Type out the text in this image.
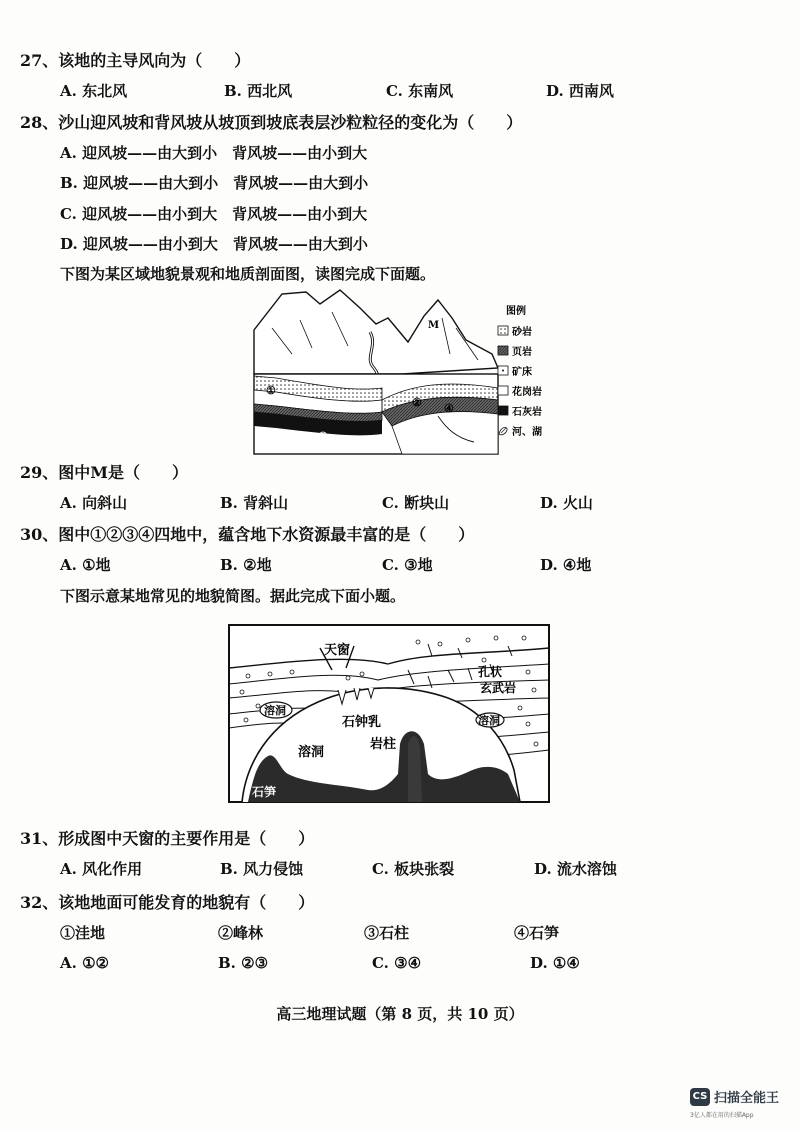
27、该地的主导风向为（　　）
A. 东北风	B. 西北风	C. 东南风	D. 西南风
28、沙山迎风坡和背风坡从坡顶到坡底表层沙粒粒径的变化为（　　）
A. 迎风坡——由大到小　背风坡——由小到大
B. 迎风坡——由大到小　背风坡——由大到小
C. 迎风坡——由小到大　背风坡——由小到大
D. 迎风坡——由小到大　背风坡——由大到小
下图为某区域地貌景观和地质剖面图，读图完成下面题。
①
②
③
④
M
图例
砂岩
页岩
矿床
花岗岩
石灰岩
河、湖
29、图中M是（　　）
A. 向斜山	B. 背斜山	C. 断块山	D. 火山
30、图中①②③④四地中，蕴含地下水资源最丰富的是（　　）
A. ①地	B. ②地	C. ③地	D. ④地
下图示意某地常见的地貌简图。据此完成下面小题。
天窗
孔状
玄武岩
溶洞
石钟乳
溶洞
岩柱
溶洞
石笋
31、形成图中天窗的主要作用是（　　）
A. 风化作用	B. 风力侵蚀	C. 板块张裂	D. 流水溶蚀
32、该地地面可能发育的地貌有（　　）
①洼地	②峰林	③石柱	④石笋
A. ①②	B. ②③	C. ③④	D. ①④
高三地理试题（第 8 页，共 10 页）
CS 扫描全能王
3亿人都在用的扫描App
